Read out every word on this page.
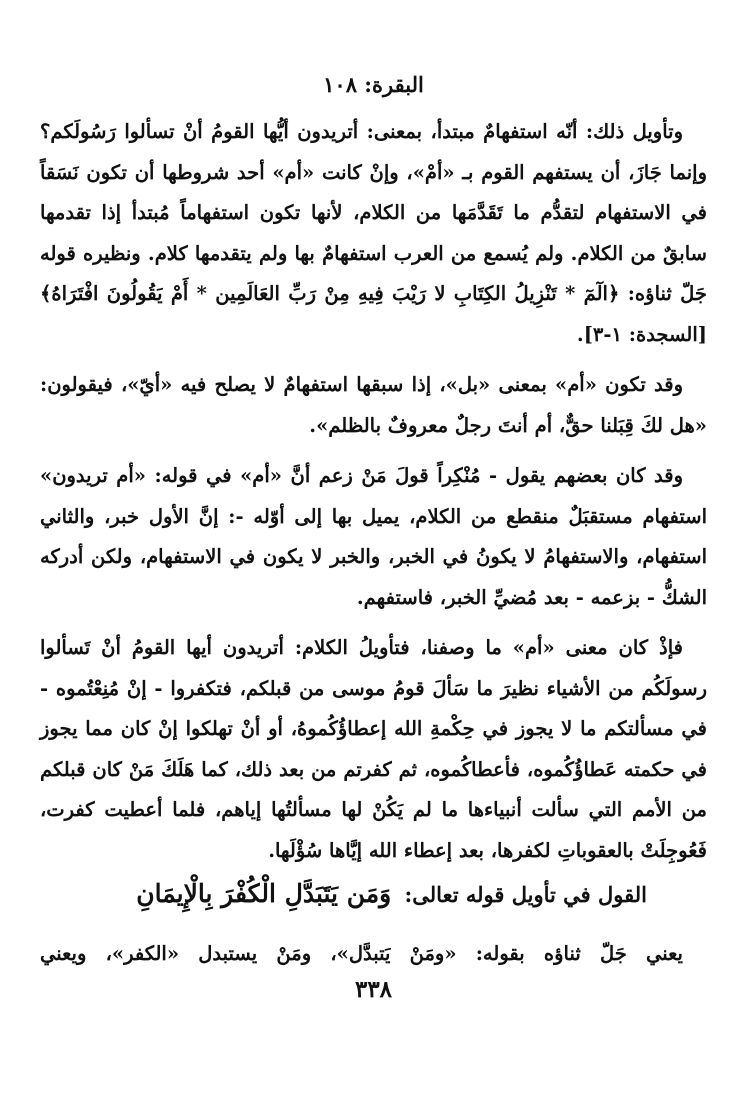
البقرة: ١٠٨

وتأويل ذلك: أنّه استفهامٌ مبتدأ، بمعنى: أتريدون أيُّها القومُ أنْ تسألوا رَسُولَكم؟ وإنما جَازَ، أن يستفهم القوم بـ «أمْ»، وإنْ كانت «أم» أحد شروطها أن تكون نَسَقاً في الاستفهام لتقدُّم ما تَقَدَّمَها من الكلام، لأنها تكون استفهاماً مُبتدأ إذا تقدمها سابقٌ من الكلام. ولم يُسمع من العرب استفهامٌ بها ولم يتقدمها كلام. ونظيره قوله جَلّ ثناؤه: ﴿الٓمٓ * تَنْزِيلُ الكِتَابِ لا رَيْبَ فِيهِ مِنْ رَبِّ العَالَمِين * أَمْ يَقُولُونَ افْتَرَاهُ﴾ [السجدة: ١-٣].

وقد تكون «أم» بمعنى «بل»، إذا سبقها استفهامٌ لا يصلح فيه «أيّ»، فيقولون: «هل لكَ قِبَلنا حقٌّ، أم أنتَ رجلٌ معروفٌ بالظلم».

وقد كان بعضهم يقول - مُنْكِراً قولَ مَنْ زعم أنَّ «أم» في قوله: «أم تريدون» استفهام مستقبَلٌ منقطع من الكلام، يميل بها إلى أوّله -: إنَّ الأول خبر، والثاني استفهام، والاستفهامُ لا يكونُ في الخبر، والخبر لا يكون في الاستفهام، ولكن أدركه الشكُّ - بزعمه - بعد مُضيِّ الخبر، فاستفهم.

فإذْ كان معنى «أم» ما وصفنا، فتأويلُ الكلام: أتريدون أيها القومُ أنْ تَسألوا رسولَكُم من الأشياء نظيرَ ما سَألَ قومُ موسى من قبلكم، فتكفروا - إنْ مُنِعْتُموه - في مسألتكم ما لا يجوز في حِكْمةِ الله إعطاؤُكُموهُ، أو أنْ تهلكوا إنْ كان مما يجوز في حكمته عَطاؤُكُموه، فأعطاكُموه، ثم كفرتم من بعد ذلك، كما هَلَكَ مَنْ كان قبلكم من الأمم التي سألت أنبياءها ما لم يَكُنْ لها مسألتُها إياهم، فلما أعطيت كفرت، فَعُوجِلَتْ بالعقوباتِ لكفرها، بعد إعطاء الله إيَّاها سُؤْلَها.

القول في تأويل قوله تعالى: وَمَن يَتَبَدَّلِ الْكُفْرَ بِالْإِيمَانِ
يعني جَلّ ثناؤه بقوله: «ومَنْ يَتبدَّل»، ومَنْ يستبدل «الكفر»، ويعني
٣٣٨
